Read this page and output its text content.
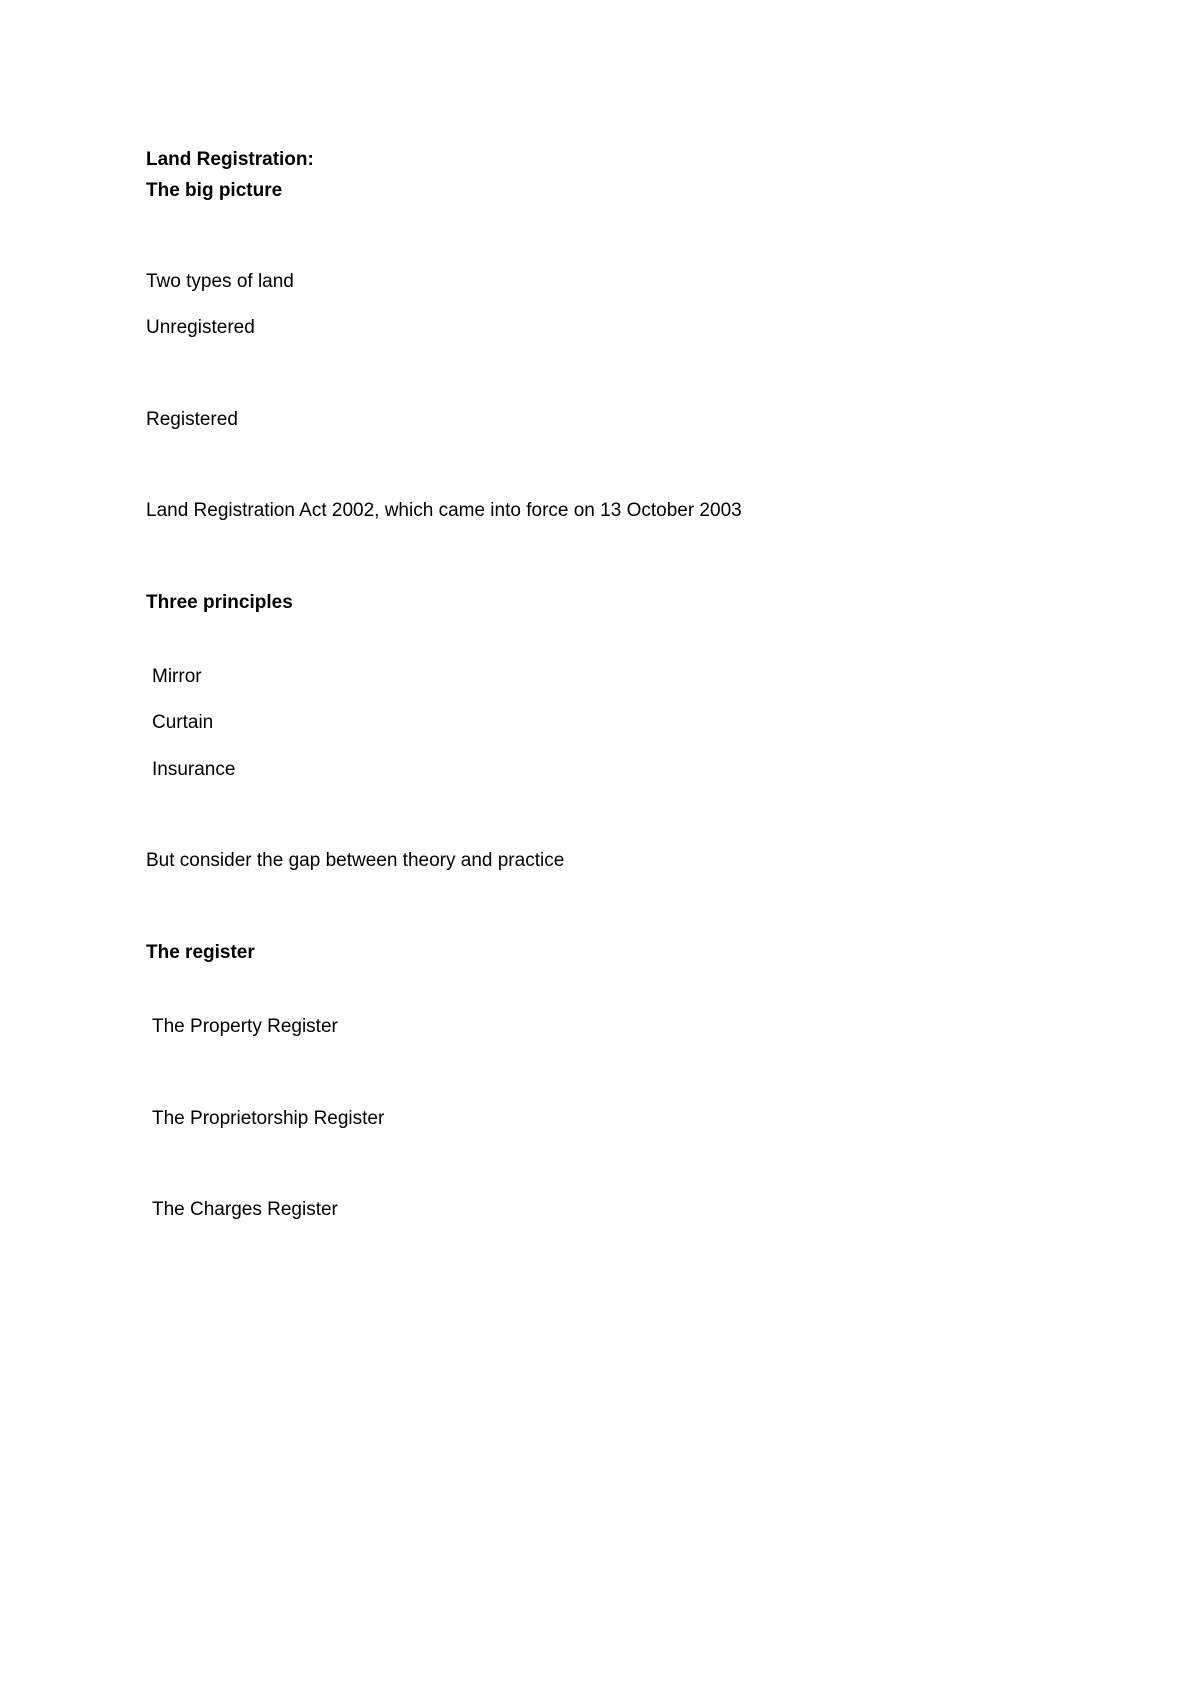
Land Registration:
The big picture
Two types of land
Unregistered
Registered
Land Registration Act 2002, which came into force on 13 October 2003
Three principles
Mirror
Curtain
Insurance
But consider the gap between theory and practice
The register
The Property Register
The Proprietorship Register
The Charges Register
